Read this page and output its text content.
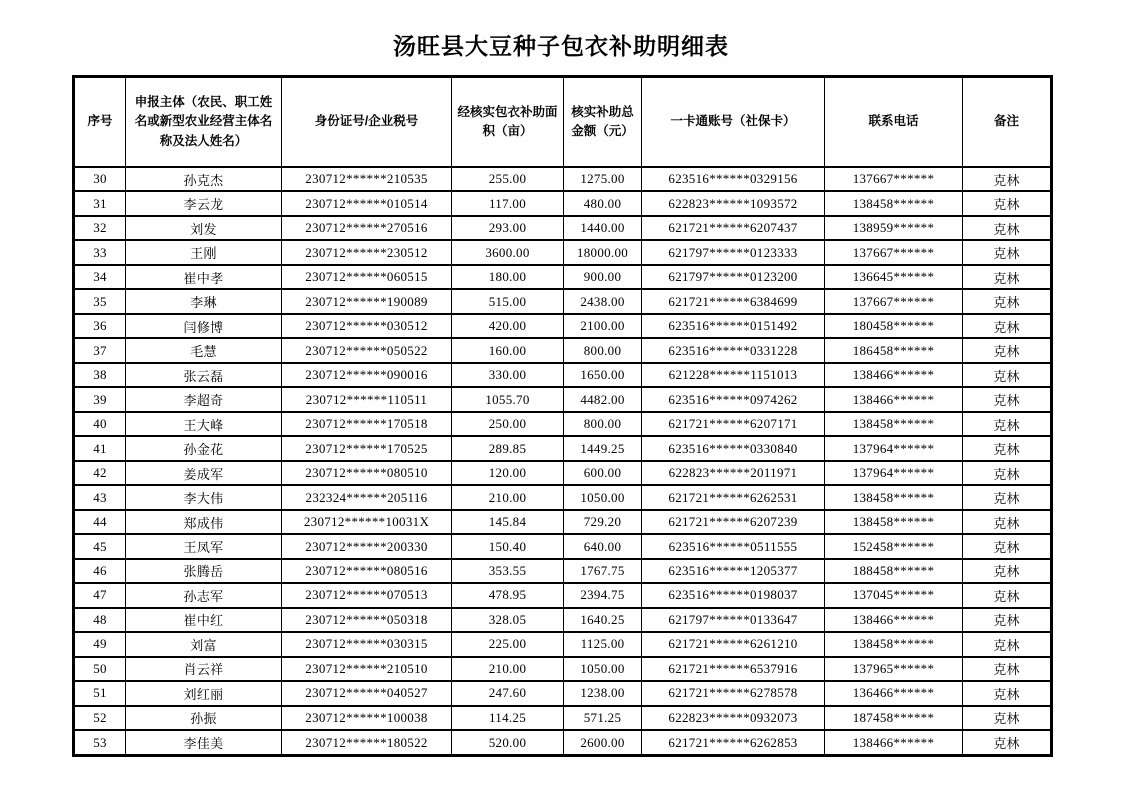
汤旺县大豆种子包衣补助明细表
序号	申报主体（农民、职工姓名或新型农业经营主体名称及法人姓名）	身份证号/企业税号	经核实包衣补助面积（亩）	核实补助总金额（元）	一卡通账号（社保卡）	联系电话	备注
30	孙克杰	230712******210535	255.00	1275.00	623516******0329156	137667******	克林
31	李云龙	230712******010514	117.00	480.00	622823******1093572	138458******	克林
32	刘发	230712******270516	293.00	1440.00	621721******6207437	138959******	克林
33	王刚	230712******230512	3600.00	18000.00	621797******0123333	137667******	克林
34	崔中孝	230712******060515	180.00	900.00	621797******0123200	136645******	克林
35	李琳	230712******190089	515.00	2438.00	621721******6384699	137667******	克林
36	闫修博	230712******030512	420.00	2100.00	623516******0151492	180458******	克林
37	毛慧	230712******050522	160.00	800.00	623516******0331228	186458******	克林
38	张云磊	230712******090016	330.00	1650.00	621228******1151013	138466******	克林
39	李超奇	230712******110511	1055.70	4482.00	623516******0974262	138466******	克林
40	王大峰	230712******170518	250.00	800.00	621721******6207171	138458******	克林
41	孙金花	230712******170525	289.85	1449.25	623516******0330840	137964******	克林
42	姜成军	230712******080510	120.00	600.00	622823******2011971	137964******	克林
43	李大伟	232324******205116	210.00	1050.00	621721******6262531	138458******	克林
44	郑成伟	230712******10031X	145.84	729.20	621721******6207239	138458******	克林
45	王凤军	230712******200330	150.40	640.00	623516******0511555	152458******	克林
46	张腾岳	230712******080516	353.55	1767.75	623516******1205377	188458******	克林
47	孙志军	230712******070513	478.95	2394.75	623516******0198037	137045******	克林
48	崔中红	230712******050318	328.05	1640.25	621797******0133647	138466******	克林
49	刘富	230712******030315	225.00	1125.00	621721******6261210	138458******	克林
50	肖云祥	230712******210510	210.00	1050.00	621721******6537916	137965******	克林
51	刘红丽	230712******040527	247.60	1238.00	621721******6278578	136466******	克林
52	孙振	230712******100038	114.25	571.25	622823******0932073	187458******	克林
53	李佳美	230712******180522	520.00	2600.00	621721******6262853	138466******	克林
